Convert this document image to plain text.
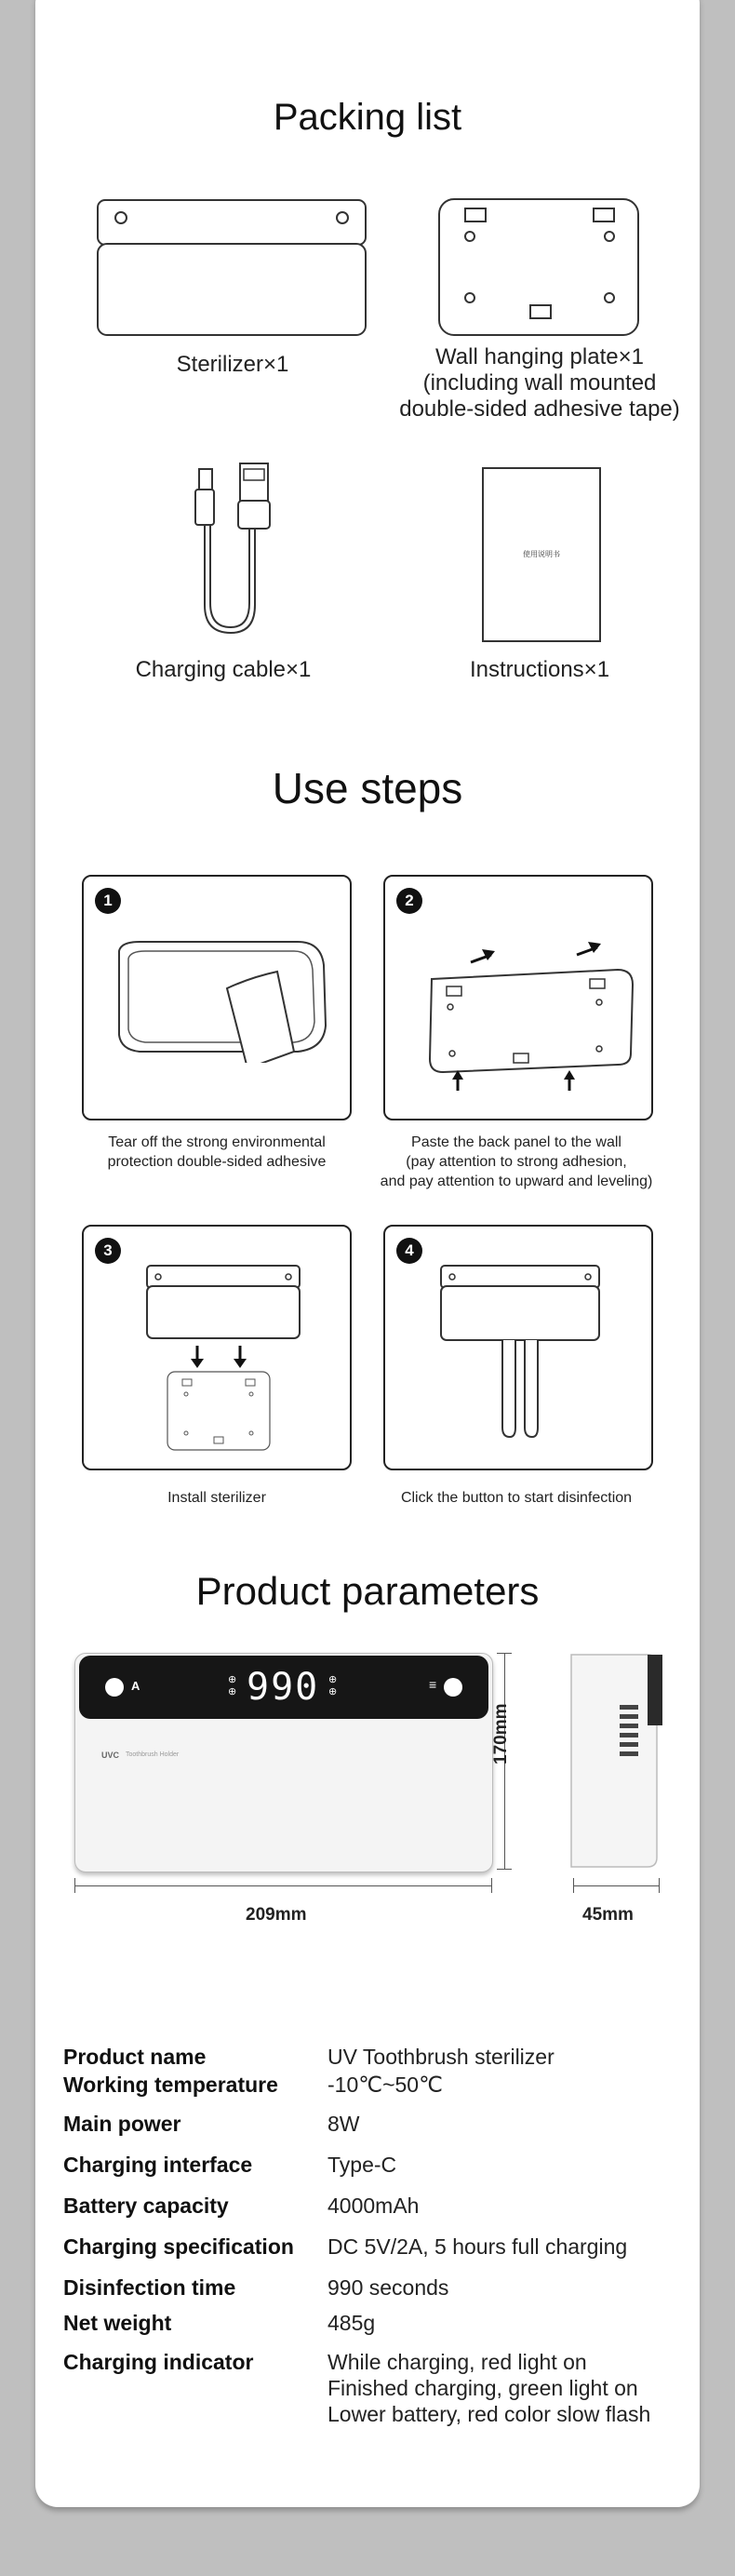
Packing list
Sterilizer×1	Wall hanging plate×1
(including wall mounted
double-sided adhesive tape)
Charging cable×1
使用说明书
Instructions×1
Use steps
1
Tear off the strong environmental
protection double-sided adhesive
2
Paste the back panel to the wall
(pay attention to strong adhesion,
and pay attention to upward and leveling)
3
Install sterilizer
4
Click the button to start disinfection
Product parameters
A	⊕
⊕ 990 ⊕
⊕	≡
UVC Toothbrush Holder
209mm
170mm
45mm
Product name	UV Toothbrush sterilizer
Working temperature	-10℃~50℃
Main power	8W
Charging interface	Type-C
Battery capacity	4000mAh
Charging specification	DC 5V/2A, 5 hours full charging
Disinfection time	990 seconds
Net weight	485g
Charging indicator	While charging, red light on
Finished charging, green light on
Lower battery, red color slow flash
